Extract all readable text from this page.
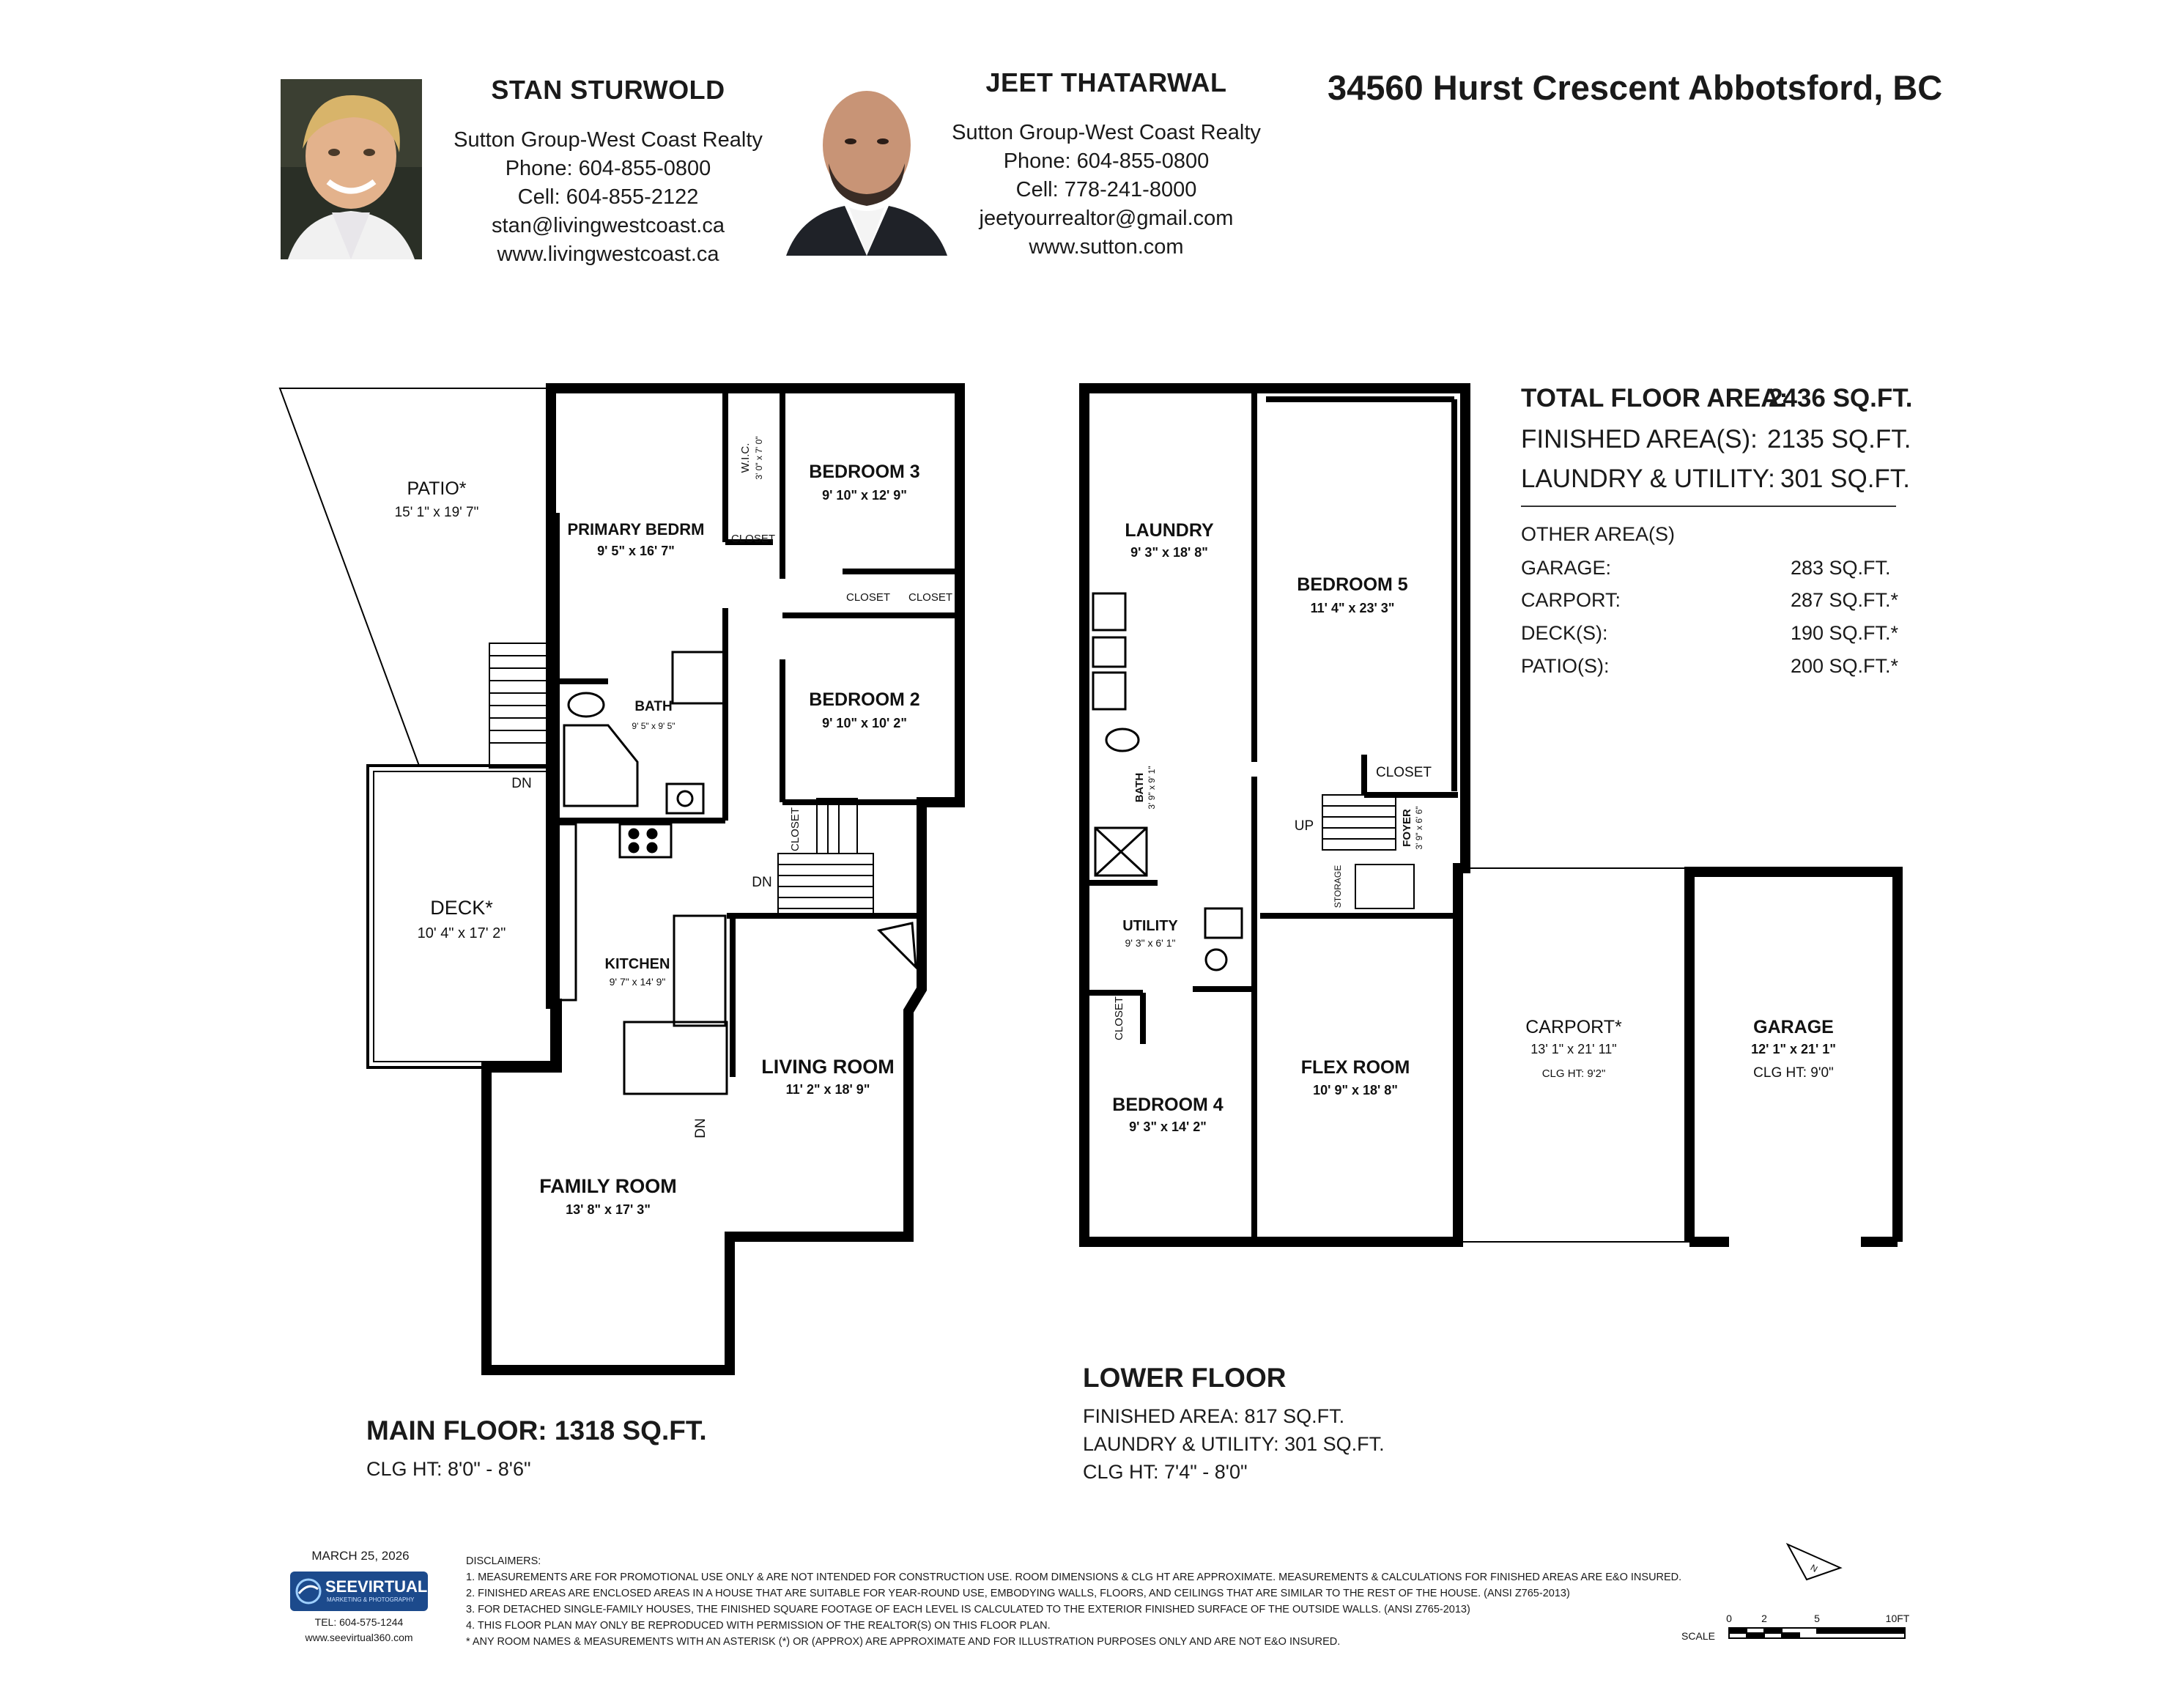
STAN STURWOLD
Sutton Group-West Coast Realty
Phone: 604-855-0800
Cell: 604-855-2122
stan@livingwestcoast.ca
www.livingwestcoast.ca
JEET THATARWAL
Sutton Group-West Coast Realty
Phone: 604-855-0800
Cell: 778-241-8000
jeetyourrealtor@gmail.com
www.sutton.com
34560 Hurst Crescent Abbotsford, BC
TOTAL FLOOR AREA:
2436 SQ.FT.
FINISHED AREA(S): 2135 SQ.FT.
LAUNDRY & UTILITY: 301 SQ.FT.
OTHER AREA(S)
GARAGE:	283 SQ.FT.
CARPORT:	287 SQ.FT.*
DECK(S):	190 SQ.FT.*
PATIO(S):	200 SQ.FT.*
PATIO*
15' 1" x 19' 7"
PRIMARY BEDRM
9' 5" x 16' 7"
W.I.C. 3' 0" x 7' 0" BEDROOM 3
9' 10" x 12' 9"
BATH
9' 5" x 9' 5"
BEDROOM 2
9' 10" x 10' 2"
CLOSET
CLOSET CLOSET
CLOSET
DECK*
10' 4" x 17' 2"
DN
KITCHEN
9' 7" x 14' 9"
DN
LIVING ROOM
11' 2" x 18' 9"
DN
FAMILY ROOM
13' 8" x 17' 3"
LAUNDRY
9' 3" x 18' 8"
BEDROOM 5
11' 4" x 23' 3"
BATH 3' 9" x 9' 1"	CLOSET
FOYER 3' 9" x 6' 6"
UP
STORAGE
UTILITY
9' 3" x 6' 1"
CLOSET
BEDROOM 4
9' 3" x 14' 2"
FLEX ROOM
10' 9" x 18' 8"
CARPORT*
13' 1" x 21' 11"
CLG HT: 9'2"
GARAGE
12' 1" x 21' 1"
CLG HT: 9'0"
N
SCALE
0	2	5	10FT
MAIN FLOOR: 1318 SQ.FT.
CLG HT: 8'0" - 8'6"
LOWER FLOOR
FINISHED AREA: 817 SQ.FT.
LAUNDRY & UTILITY: 301 SQ.FT.
CLG HT: 7'4" - 8'0"
MARCH 25, 2026
SEEVIRTUAL
MARKETING & PHOTOGRAPHY
TEL: 604-575-1244
www.seevirtual360.com
DISCLAIMERS:
1. MEASUREMENTS ARE FOR PROMOTIONAL USE ONLY & ARE NOT INTENDED FOR CONSTRUCTION USE. ROOM DIMENSIONS & CLG HT ARE APPROXIMATE. MEASUREMENTS & CALCULATIONS FOR FINISHED AREAS ARE E&O INSURED.
2. FINISHED AREAS ARE ENCLOSED AREAS IN A HOUSE THAT ARE SUITABLE FOR YEAR-ROUND USE, EMBODYING WALLS, FLOORS, AND CEILINGS THAT ARE SIMILAR TO THE REST OF THE HOUSE. (ANSI Z765-2013)
3. FOR DETACHED SINGLE-FAMILY HOUSES, THE FINISHED SQUARE FOOTAGE OF EACH LEVEL IS CALCULATED TO THE EXTERIOR FINISHED SURFACE OF THE OUTSIDE WALLS. (ANSI Z765-2013)
4. THIS FLOOR PLAN MAY ONLY BE REPRODUCED WITH PERMISSION OF THE REALTOR(S) ON THIS FLOOR PLAN.
* ANY ROOM NAMES & MEASUREMENTS WITH AN ASTERISK (*) OR (APPROX) ARE APPROXIMATE AND FOR ILLUSTRATION PURPOSES ONLY AND ARE NOT E&O INSURED.
